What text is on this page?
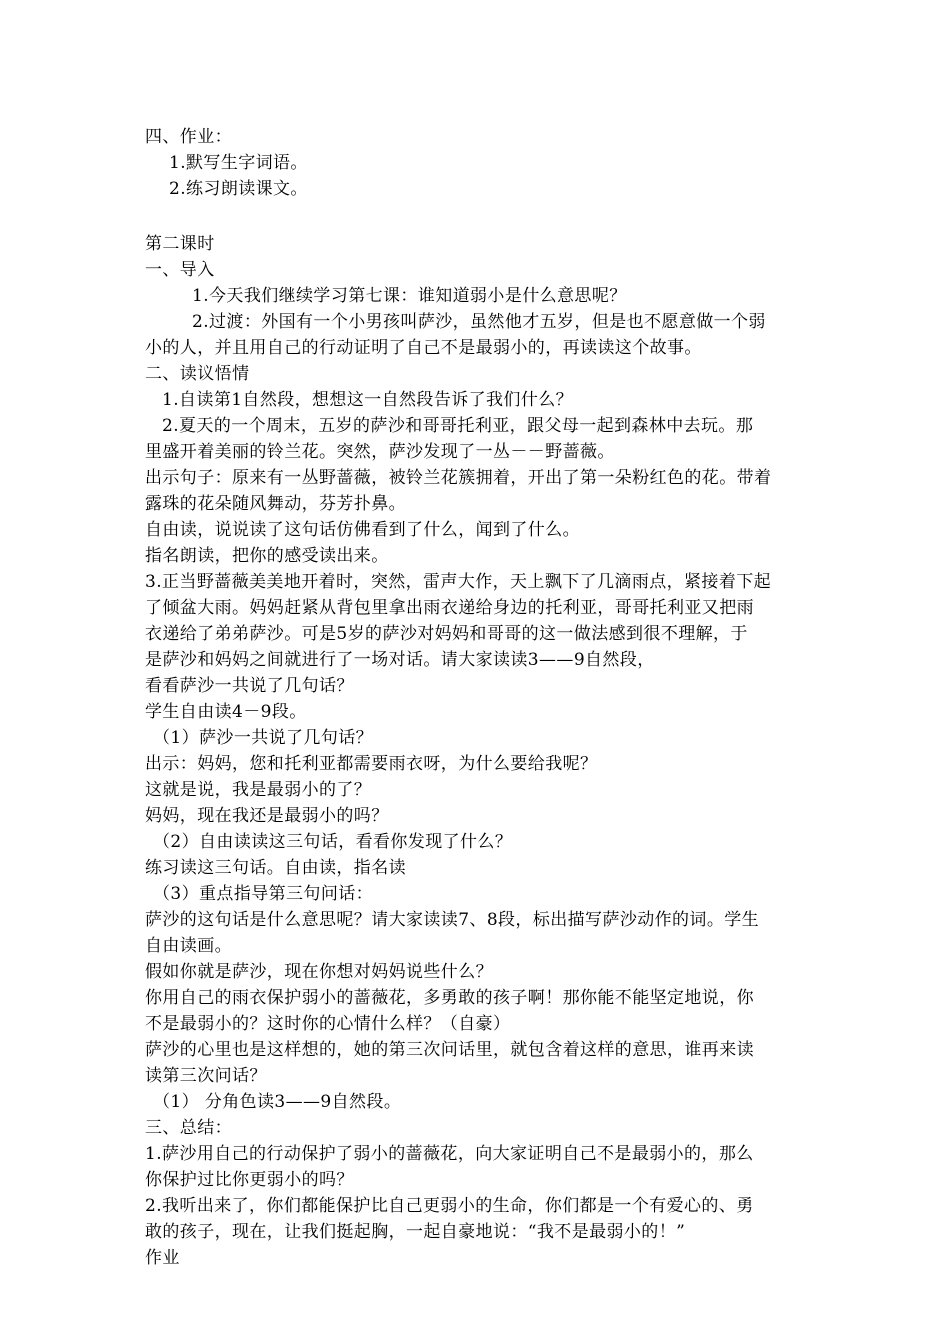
四、作业：
1.默写生字词语。
2.练习朗读课文。
第二课时
一、导入
1.今天我们继续学习第七课：谁知道弱小是什么意思呢？
2.过渡：外国有一个小男孩叫萨沙，虽然他才五岁，但是也不愿意做一个弱
小的人，并且用自己的行动证明了自己不是最弱小的，再读读这个故事。
二、读议悟情
1.自读第1自然段，想想这一自然段告诉了我们什么？
2.夏天的一个周末，五岁的萨沙和哥哥托利亚，跟父母一起到森林中去玩。那
里盛开着美丽的铃兰花。突然，萨沙发现了一丛－－野蔷薇。
出示句子：原来有一丛野蔷薇，被铃兰花簇拥着，开出了第一朵粉红色的花。带着
露珠的花朵随风舞动，芬芳扑鼻。
自由读，说说读了这句话仿佛看到了什么，闻到了什么。
指名朗读，把你的感受读出来。
3.正当野蔷薇美美地开着时，突然，雷声大作，天上飘下了几滴雨点，紧接着下起
了倾盆大雨。妈妈赶紧从背包里拿出雨衣递给身边的托利亚，哥哥托利亚又把雨
衣递给了弟弟萨沙。可是5岁的萨沙对妈妈和哥哥的这一做法感到很不理解，于
是萨沙和妈妈之间就进行了一场对话。请大家读读3——9自然段，
看看萨沙一共说了几句话？
学生自由读4－9段。
（1）萨沙一共说了几句话？
出示：妈妈，您和托利亚都需要雨衣呀，为什么要给我呢？
这就是说，我是最弱小的了？
妈妈，现在我还是最弱小的吗？
（2）自由读读这三句话，看看你发现了什么？
练习读这三句话。自由读，指名读
（3）重点指导第三句问话：
萨沙的这句话是什么意思呢？请大家读读7、8段，标出描写萨沙动作的词。学生
自由读画。
假如你就是萨沙，现在你想对妈妈说些什么？
你用自己的雨衣保护弱小的蔷薇花，多勇敢的孩子啊！那你能不能坚定地说，你
不是最弱小的？这时你的心情什么样？（自豪）
萨沙的心里也是这样想的，她的第三次问话里，就包含着这样的意思，谁再来读
读第三次问话？
（1） 分角色读3——9自然段。
三、总结：
1.萨沙用自己的行动保护了弱小的蔷薇花，向大家证明自己不是最弱小的，那么
你保护过比你更弱小的吗？
2.我听出来了，你们都能保护比自己更弱小的生命，你们都是一个有爱心的、勇
敢的孩子，现在，让我们挺起胸，一起自豪地说：“我不是最弱小的！”
作业
